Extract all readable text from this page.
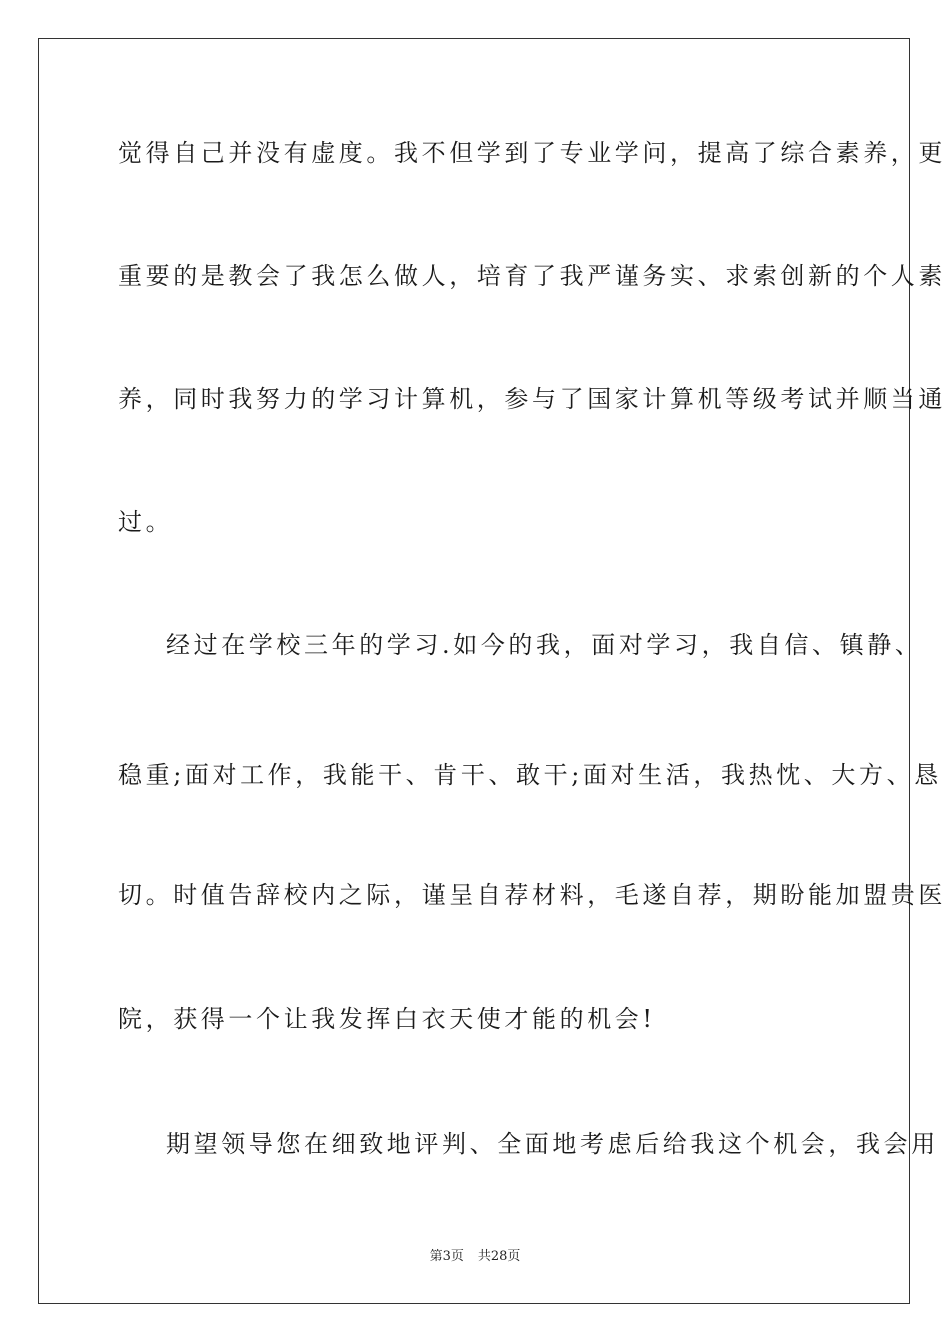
觉得自己并没有虚度。我不但学到了专业学问，提高了综合素养，更
重要的是教会了我怎么做人，培育了我严谨务实、求索创新的个人素
养，同时我努力的学习计算机，参与了国家计算机等级考试并顺当通
过。
经过在学校三年的学习.如今的我，面对学习，我自信、镇静、
稳重;面对工作，我能干、肯干、敢干;面对生活，我热忱、大方、恳
切。时值告辞校内之际，谨呈自荐材料，毛遂自荐，期盼能加盟贵医
院，获得一个让我发挥白衣天使才能的机会!
期望领导您在细致地评判、全面地考虑后给我这个机会，我会用
第3页 共28页
